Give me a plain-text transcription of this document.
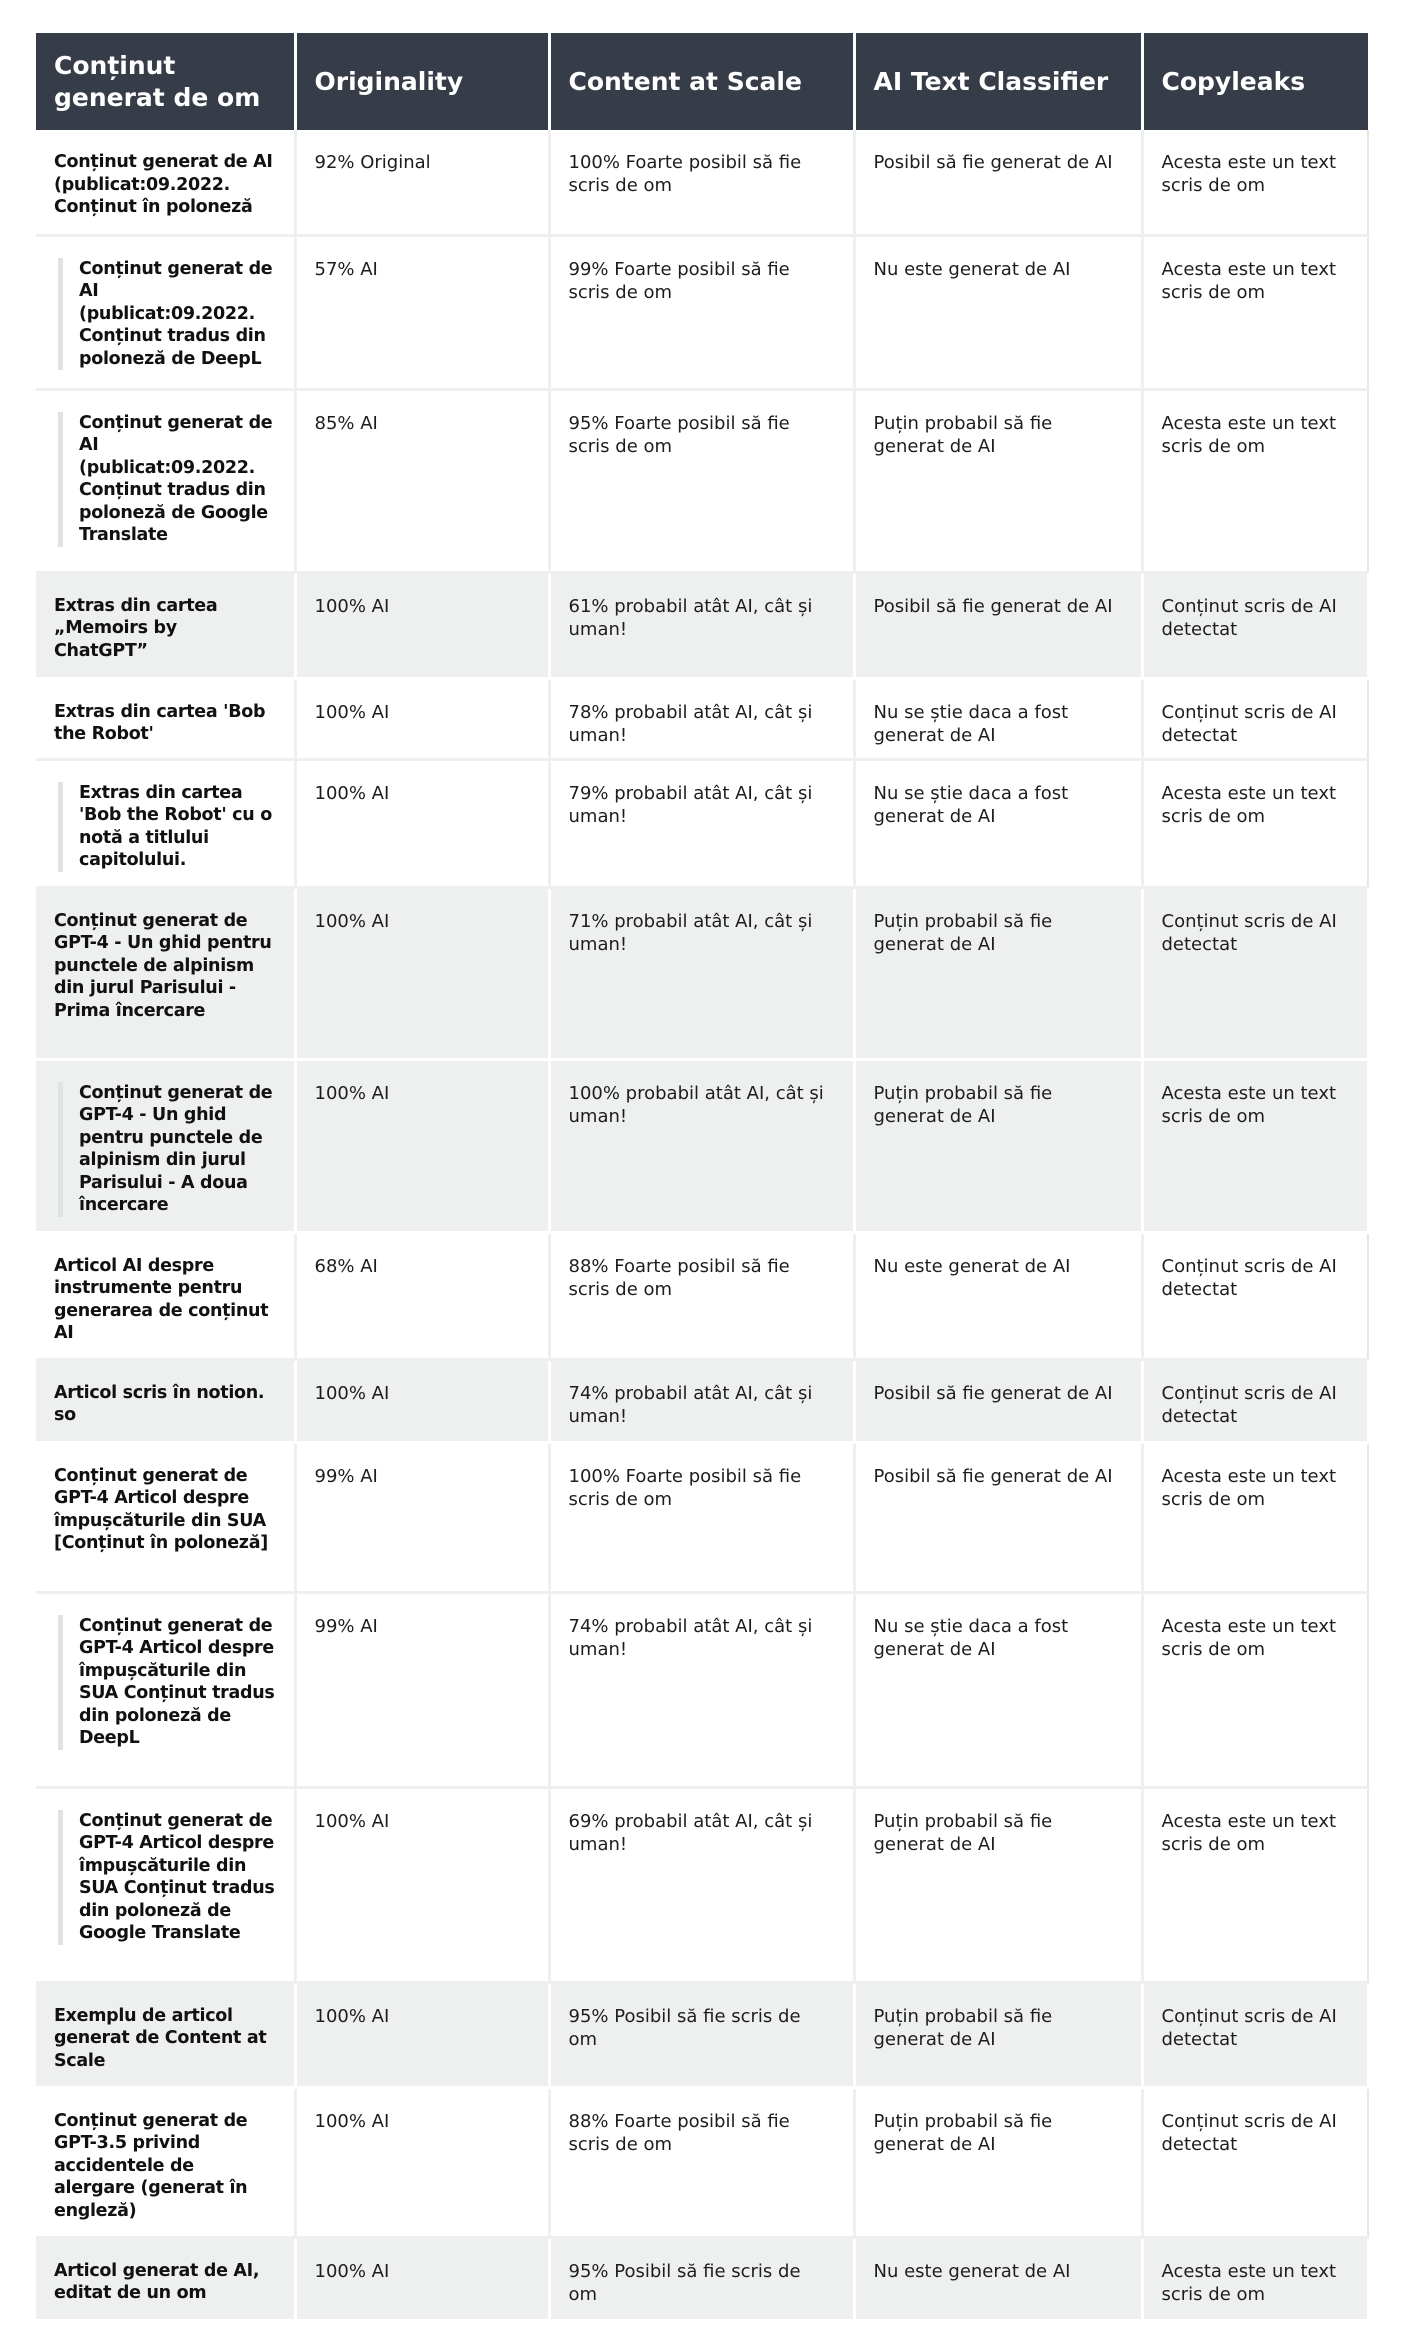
Conținut generat de om	Originality	Content at Scale	AI Text Classifier	Copyleaks

Conținut generat de AI (publicat:09.2022. Conținut în poloneză	92% Original	100% Foarte posibil să fie scris de om	Posibil să fie generat de AI	Acesta este un text scris de om

Conținut generat de AI (publicat:09.2022. Conținut tradus din poloneză de DeepL	57% AI	99% Foarte posibil să fie scris de om	Nu este generat de AI	Acesta este un text scris de om

Conținut generat de AI (publicat:09.2022. Conținut tradus din poloneză de Google Translate	85% AI	95% Foarte posibil să fie scris de om	Puțin probabil să fie generat de AI	Acesta este un text scris de om

Extras din cartea „Memoirs by ChatGPT”	100% AI	61% probabil atât AI, cât și uman!	Posibil să fie generat de AI	Conținut scris de AI detectat

Extras din cartea 'Bob the Robot'	100% AI	78% probabil atât AI, cât și uman!	Nu se știe daca a fost generat de AI	Conținut scris de AI detectat

Extras din cartea 'Bob the Robot' cu o notă a titlului capitolului.	100% AI	79% probabil atât AI, cât și uman!	Nu se știe daca a fost generat de AI	Acesta este un text scris de om

Conținut generat de GPT-4 - Un ghid pentru punctele de alpinism din jurul Parisului - Prima încercare	100% AI	71% probabil atât AI, cât și uman!	Puțin probabil să fie generat de AI	Conținut scris de AI detectat

Conținut generat de GPT-4 - Un ghid pentru punctele de alpinism din jurul Parisului - A doua încercare	100% AI	100% probabil atât AI, cât și uman!	Puțin probabil să fie generat de AI	Acesta este un text scris de om

Articol AI despre instrumente pentru generarea de conținut AI	68% AI	88% Foarte posibil să fie scris de om	Nu este generat de AI	Conținut scris de AI detectat

Articol scris în notion. so	100% AI	74% probabil atât AI, cât și uman!	Posibil să fie generat de AI	Conținut scris de AI detectat

Conținut generat de GPT-4 Articol despre împușcăturile din SUA [Conținut în poloneză]	99% AI	100% Foarte posibil să fie scris de om	Posibil să fie generat de AI	Acesta este un text scris de om

Conținut generat de GPT-4 Articol despre împușcăturile din SUA Conținut tradus din poloneză de DeepL	99% AI	74% probabil atât AI, cât și uman!	Nu se știe daca a fost generat de AI	Acesta este un text scris de om

Conținut generat de GPT-4 Articol despre împușcăturile din SUA Conținut tradus din poloneză de Google Translate	100% AI	69% probabil atât AI, cât și uman!	Puțin probabil să fie generat de AI	Acesta este un text scris de om

Exemplu de articol generat de Content at Scale	100% AI	95% Posibil să fie scris de om	Puțin probabil să fie generat de AI	Conținut scris de AI detectat

Conținut generat de GPT-3.5 privind accidentele de alergare (generat în engleză)	100% AI	88% Foarte posibil să fie scris de om	Puțin probabil să fie generat de AI	Conținut scris de AI detectat

Articol generat de AI, editat de un om	100% AI	95% Posibil să fie scris de om	Nu este generat de AI	Acesta este un text scris de om
